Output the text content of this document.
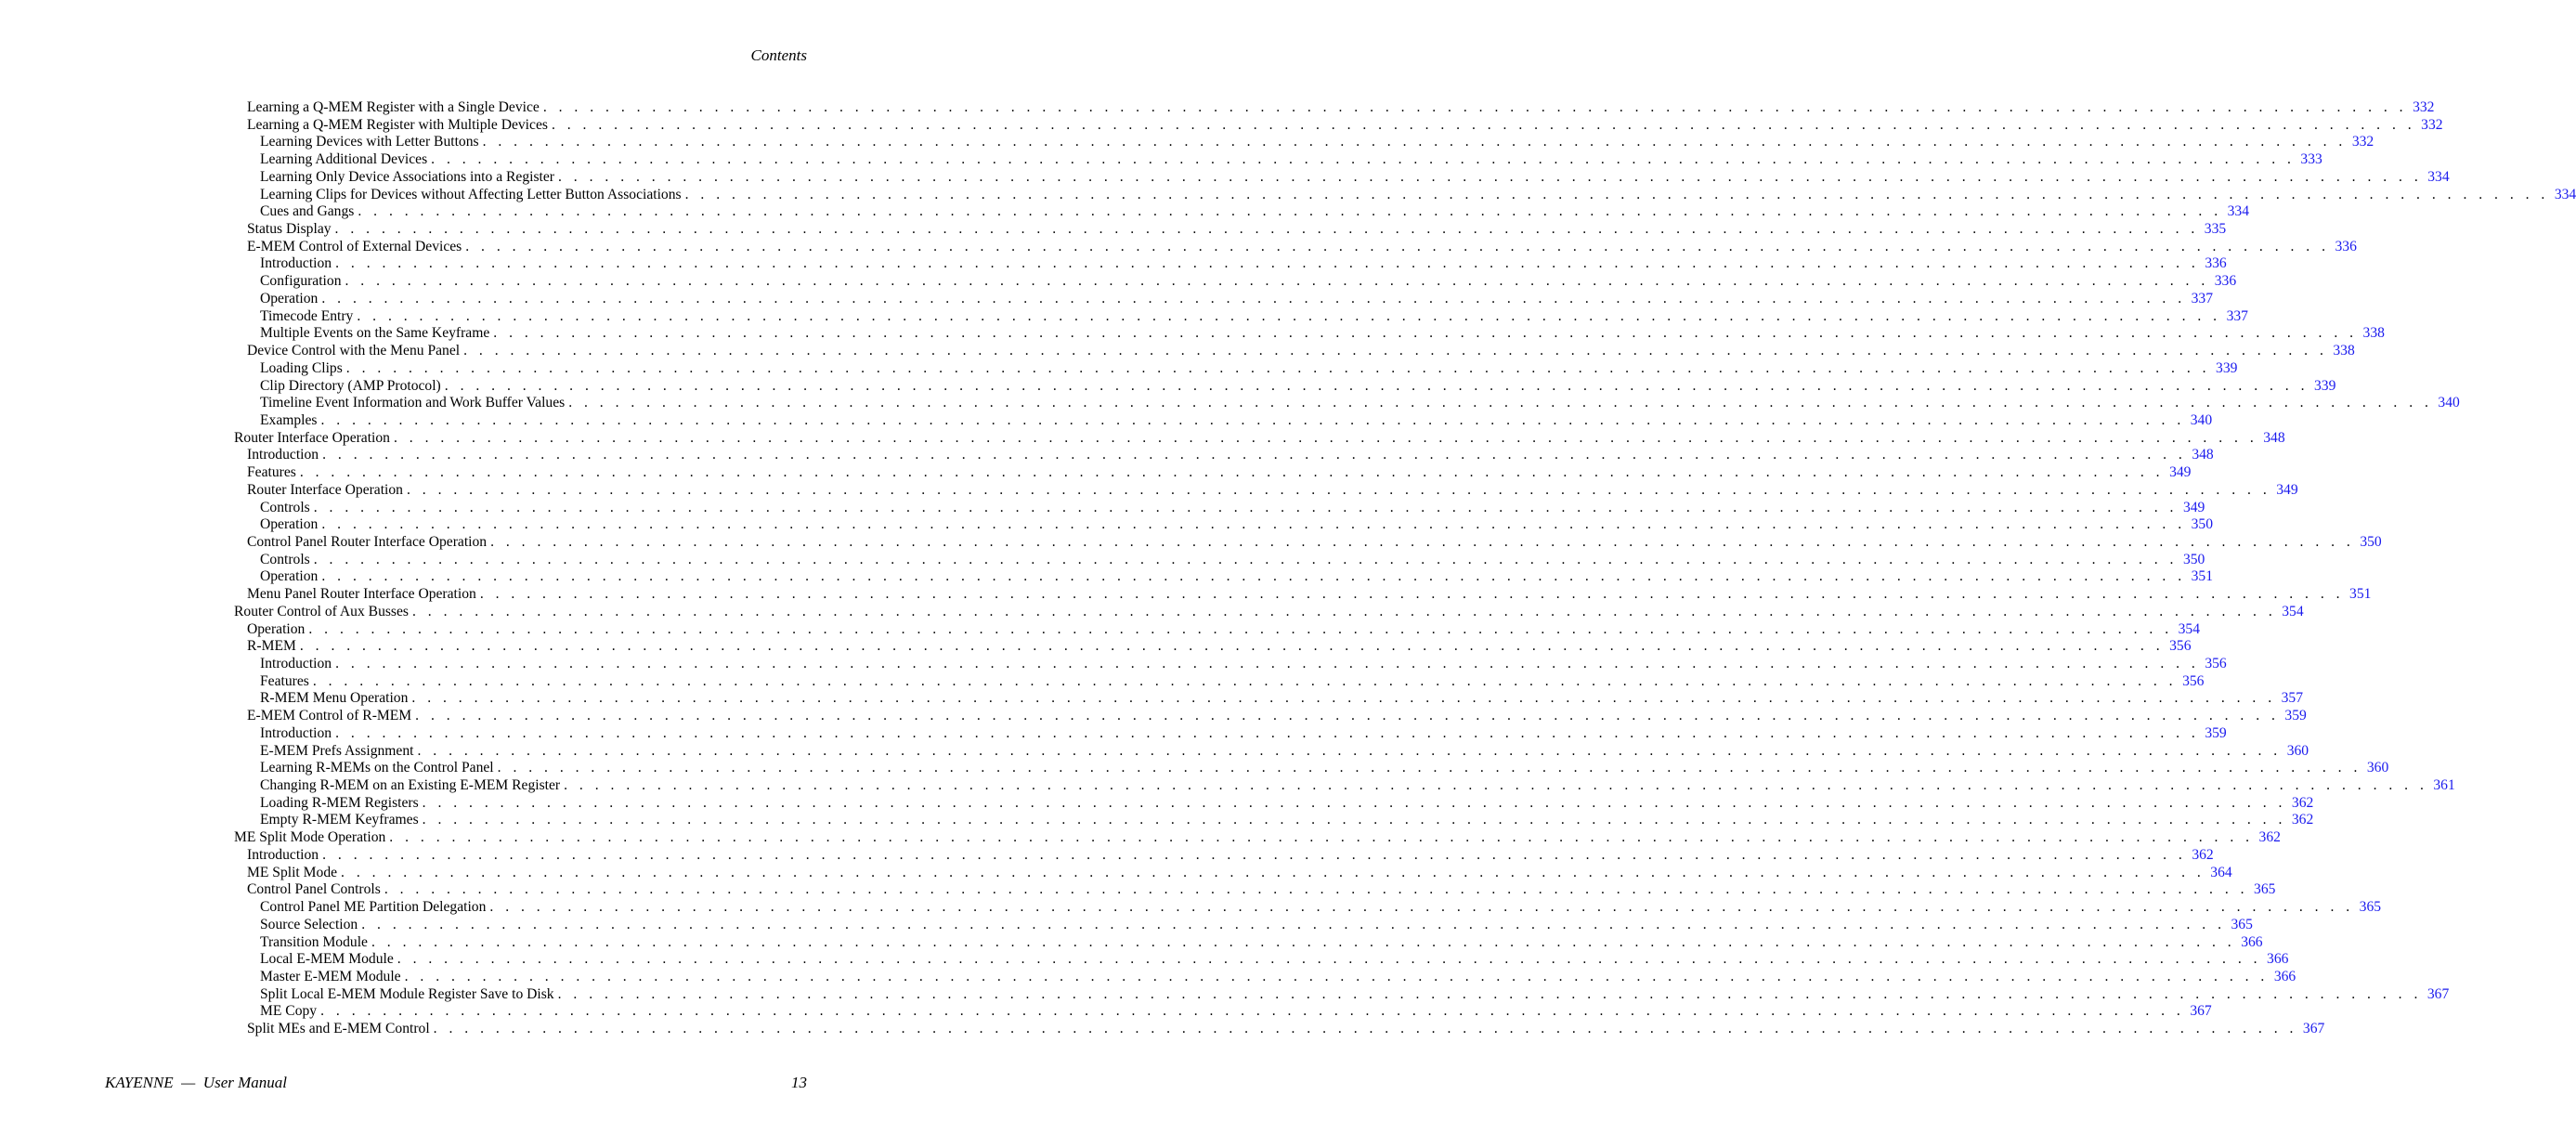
Contents
Learning a Q-MEM Register with a Single Device . . . . . . . . . . . . . . . . . . . . . . . . . . . . . . . . . . . . . . . . . . . . . . . . . . . . . . . . . . . . . . . . . . . . . . . . . . . . . . . . . . . . . . . . . . . . . . . . . . . . . . . . . . . . . . . . . . . . . . . . 332
Learning a Q-MEM Register with Multiple Devices . . . . . . . . . . . . . . . . . . . . . . . . . . . . . . . . . . . . . . . . . . . . . . . . . . . . . . . . . . . . . . . . . . . . . . . . . . . . . . . . . . . . . . . . . . . . . . . . . . . . . . . . . . . . . . . . . . . . . . . . 332
Learning Devices with Letter Buttons . . . . . . . . . . . . . . . . . . . . . . . . . . . . . . . . . . . . . . . . . . . . . . . . . . . . . . . . . . . . . . . . . . . . . . . . . . . . . . . . . . . . . . . . . . . . . . . . . . . . . . . . . . . . . . . . . . . . . . . . 332
Learning Additional Devices . . . . . . . . . . . . . . . . . . . . . . . . . . . . . . . . . . . . . . . . . . . . . . . . . . . . . . . . . . . . . . . . . . . . . . . . . . . . . . . . . . . . . . . . . . . . . . . . . . . . . . . . . . . . . . . . . . . . . . . . 333
Learning Only Device Associations into a Register . . . . . . . . . . . . . . . . . . . . . . . . . . . . . . . . . . . . . . . . . . . . . . . . . . . . . . . . . . . . . . . . . . . . . . . . . . . . . . . . . . . . . . . . . . . . . . . . . . . . . . . . . . . . . . . . . . . . . . . . 334
Learning Clips for Devices without Affecting Letter Button Associations . . . . . . . . . . . . . . . . . . . . . . . . . . . . . . . . . . . . . . . . . . . . . . . . . . . . . . . . . . . . . . . . . . . . . . . . . . . . . . . . . . . . . . . . . . . . . . . . . . . . . . . . . . . . . . . . . . . . . . . . 334
Cues and Gangs . . . . . . . . . . . . . . . . . . . . . . . . . . . . . . . . . . . . . . . . . . . . . . . . . . . . . . . . . . . . . . . . . . . . . . . . . . . . . . . . . . . . . . . . . . . . . . . . . . . . . . . . . . . . . . . . . . . . . . . . 334
Status Display . . . . . . . . . . . . . . . . . . . . . . . . . . . . . . . . . . . . . . . . . . . . . . . . . . . . . . . . . . . . . . . . . . . . . . . . . . . . . . . . . . . . . . . . . . . . . . . . . . . . . . . . . . . . . . . . . . . . . . . . 335
E-MEM Control of External Devices . . . . . . . . . . . . . . . . . . . . . . . . . . . . . . . . . . . . . . . . . . . . . . . . . . . . . . . . . . . . . . . . . . . . . . . . . . . . . . . . . . . . . . . . . . . . . . . . . . . . . . . . . . . . . . . . . . . . . . . . 336
Introduction . . . . . . . . . . . . . . . . . . . . . . . . . . . . . . . . . . . . . . . . . . . . . . . . . . . . . . . . . . . . . . . . . . . . . . . . . . . . . . . . . . . . . . . . . . . . . . . . . . . . . . . . . . . . . . . . . . . . . . . . 336
Configuration . . . . . . . . . . . . . . . . . . . . . . . . . . . . . . . . . . . . . . . . . . . . . . . . . . . . . . . . . . . . . . . . . . . . . . . . . . . . . . . . . . . . . . . . . . . . . . . . . . . . . . . . . . . . . . . . . . . . . . . . 336
Operation . . . . . . . . . . . . . . . . . . . . . . . . . . . . . . . . . . . . . . . . . . . . . . . . . . . . . . . . . . . . . . . . . . . . . . . . . . . . . . . . . . . . . . . . . . . . . . . . . . . . . . . . . . . . . . . . . . . . . . . . 337
Timecode Entry . . . . . . . . . . . . . . . . . . . . . . . . . . . . . . . . . . . . . . . . . . . . . . . . . . . . . . . . . . . . . . . . . . . . . . . . . . . . . . . . . . . . . . . . . . . . . . . . . . . . . . . . . . . . . . . . . . . . . . . . 337
Multiple Events on the Same Keyframe . . . . . . . . . . . . . . . . . . . . . . . . . . . . . . . . . . . . . . . . . . . . . . . . . . . . . . . . . . . . . . . . . . . . . . . . . . . . . . . . . . . . . . . . . . . . . . . . . . . . . . . . . . . . . . . . . . . . . . . . 338
Device Control with the Menu Panel . . . . . . . . . . . . . . . . . . . . . . . . . . . . . . . . . . . . . . . . . . . . . . . . . . . . . . . . . . . . . . . . . . . . . . . . . . . . . . . . . . . . . . . . . . . . . . . . . . . . . . . . . . . . . . . . . . . . . . . . 338
Loading Clips . . . . . . . . . . . . . . . . . . . . . . . . . . . . . . . . . . . . . . . . . . . . . . . . . . . . . . . . . . . . . . . . . . . . . . . . . . . . . . . . . . . . . . . . . . . . . . . . . . . . . . . . . . . . . . . . . . . . . . . . 339
Clip Directory (AMP Protocol) . . . . . . . . . . . . . . . . . . . . . . . . . . . . . . . . . . . . . . . . . . . . . . . . . . . . . . . . . . . . . . . . . . . . . . . . . . . . . . . . . . . . . . . . . . . . . . . . . . . . . . . . . . . . . . . . . . . . . . . . 339
Timeline Event Information and Work Buffer Values . . . . . . . . . . . . . . . . . . . . . . . . . . . . . . . . . . . . . . . . . . . . . . . . . . . . . . . . . . . . . . . . . . . . . . . . . . . . . . . . . . . . . . . . . . . . . . . . . . . . . . . . . . . . . . . . . . . . . . . . 340
Examples . . . . . . . . . . . . . . . . . . . . . . . . . . . . . . . . . . . . . . . . . . . . . . . . . . . . . . . . . . . . . . . . . . . . . . . . . . . . . . . . . . . . . . . . . . . . . . . . . . . . . . . . . . . . . . . . . . . . . . . . 340
Router Interface Operation . . . . . . . . . . . . . . . . . . . . . . . . . . . . . . . . . . . . . . . . . . . . . . . . . . . . . . . . . . . . . . . . . . . . . . . . . . . . . . . . . . . . . . . . . . . . . . . . . . . . . . . . . . . . . . . . . . . . . . . . 348
Introduction . . . . . . . . . . . . . . . . . . . . . . . . . . . . . . . . . . . . . . . . . . . . . . . . . . . . . . . . . . . . . . . . . . . . . . . . . . . . . . . . . . . . . . . . . . . . . . . . . . . . . . . . . . . . . . . . . . . . . . . . 348
Features . . . . . . . . . . . . . . . . . . . . . . . . . . . . . . . . . . . . . . . . . . . . . . . . . . . . . . . . . . . . . . . . . . . . . . . . . . . . . . . . . . . . . . . . . . . . . . . . . . . . . . . . . . . . . . . . . . . . . . . . 349
Router Interface Operation . . . . . . . . . . . . . . . . . . . . . . . . . . . . . . . . . . . . . . . . . . . . . . . . . . . . . . . . . . . . . . . . . . . . . . . . . . . . . . . . . . . . . . . . . . . . . . . . . . . . . . . . . . . . . . . . . . . . . . . . 349
Controls . . . . . . . . . . . . . . . . . . . . . . . . . . . . . . . . . . . . . . . . . . . . . . . . . . . . . . . . . . . . . . . . . . . . . . . . . . . . . . . . . . . . . . . . . . . . . . . . . . . . . . . . . . . . . . . . . . . . . . . . 349
Operation . . . . . . . . . . . . . . . . . . . . . . . . . . . . . . . . . . . . . . . . . . . . . . . . . . . . . . . . . . . . . . . . . . . . . . . . . . . . . . . . . . . . . . . . . . . . . . . . . . . . . . . . . . . . . . . . . . . . . . . . 350
Control Panel Router Interface Operation . . . . . . . . . . . . . . . . . . . . . . . . . . . . . . . . . . . . . . . . . . . . . . . . . . . . . . . . . . . . . . . . . . . . . . . . . . . . . . . . . . . . . . . . . . . . . . . . . . . . . . . . . . . . . . . . . . . . . . . . 350
Controls . . . . . . . . . . . . . . . . . . . . . . . . . . . . . . . . . . . . . . . . . . . . . . . . . . . . . . . . . . . . . . . . . . . . . . . . . . . . . . . . . . . . . . . . . . . . . . . . . . . . . . . . . . . . . . . . . . . . . . . . 350
Operation . . . . . . . . . . . . . . . . . . . . . . . . . . . . . . . . . . . . . . . . . . . . . . . . . . . . . . . . . . . . . . . . . . . . . . . . . . . . . . . . . . . . . . . . . . . . . . . . . . . . . . . . . . . . . . . . . . . . . . . . 351
Menu Panel Router Interface Operation . . . . . . . . . . . . . . . . . . . . . . . . . . . . . . . . . . . . . . . . . . . . . . . . . . . . . . . . . . . . . . . . . . . . . . . . . . . . . . . . . . . . . . . . . . . . . . . . . . . . . . . . . . . . . . . . . . . . . . . . 351
Router Control of Aux Busses . . . . . . . . . . . . . . . . . . . . . . . . . . . . . . . . . . . . . . . . . . . . . . . . . . . . . . . . . . . . . . . . . . . . . . . . . . . . . . . . . . . . . . . . . . . . . . . . . . . . . . . . . . . . . . . . . . . . . . . . 354
Operation . . . . . . . . . . . . . . . . . . . . . . . . . . . . . . . . . . . . . . . . . . . . . . . . . . . . . . . . . . . . . . . . . . . . . . . . . . . . . . . . . . . . . . . . . . . . . . . . . . . . . . . . . . . . . . . . . . . . . . . . 354
R-MEM . . . . . . . . . . . . . . . . . . . . . . . . . . . . . . . . . . . . . . . . . . . . . . . . . . . . . . . . . . . . . . . . . . . . . . . . . . . . . . . . . . . . . . . . . . . . . . . . . . . . . . . . . . . . . . . . . . . . . . . . 356
Introduction . . . . . . . . . . . . . . . . . . . . . . . . . . . . . . . . . . . . . . . . . . . . . . . . . . . . . . . . . . . . . . . . . . . . . . . . . . . . . . . . . . . . . . . . . . . . . . . . . . . . . . . . . . . . . . . . . . . . . . . . 356
Features . . . . . . . . . . . . . . . . . . . . . . . . . . . . . . . . . . . . . . . . . . . . . . . . . . . . . . . . . . . . . . . . . . . . . . . . . . . . . . . . . . . . . . . . . . . . . . . . . . . . . . . . . . . . . . . . . . . . . . . . 356
R-MEM Menu Operation . . . . . . . . . . . . . . . . . . . . . . . . . . . . . . . . . . . . . . . . . . . . . . . . . . . . . . . . . . . . . . . . . . . . . . . . . . . . . . . . . . . . . . . . . . . . . . . . . . . . . . . . . . . . . . . . . . . . . . . . 357
E-MEM Control of R-MEM . . . . . . . . . . . . . . . . . . . . . . . . . . . . . . . . . . . . . . . . . . . . . . . . . . . . . . . . . . . . . . . . . . . . . . . . . . . . . . . . . . . . . . . . . . . . . . . . . . . . . . . . . . . . . . . . . . . . . . . . 359
Introduction . . . . . . . . . . . . . . . . . . . . . . . . . . . . . . . . . . . . . . . . . . . . . . . . . . . . . . . . . . . . . . . . . . . . . . . . . . . . . . . . . . . . . . . . . . . . . . . . . . . . . . . . . . . . . . . . . . . . . . . . 359
E-MEM Prefs Assignment . . . . . . . . . . . . . . . . . . . . . . . . . . . . . . . . . . . . . . . . . . . . . . . . . . . . . . . . . . . . . . . . . . . . . . . . . . . . . . . . . . . . . . . . . . . . . . . . . . . . . . . . . . . . . . . . . . . . . . . . 360
Learning R-MEMs on the Control Panel . . . . . . . . . . . . . . . . . . . . . . . . . . . . . . . . . . . . . . . . . . . . . . . . . . . . . . . . . . . . . . . . . . . . . . . . . . . . . . . . . . . . . . . . . . . . . . . . . . . . . . . . . . . . . . . . . . . . . . . . 360
Changing R-MEM on an Existing E-MEM Register . . . . . . . . . . . . . . . . . . . . . . . . . . . . . . . . . . . . . . . . . . . . . . . . . . . . . . . . . . . . . . . . . . . . . . . . . . . . . . . . . . . . . . . . . . . . . . . . . . . . . . . . . . . . . . . . . . . . . . . . 361
Loading R-MEM Registers . . . . . . . . . . . . . . . . . . . . . . . . . . . . . . . . . . . . . . . . . . . . . . . . . . . . . . . . . . . . . . . . . . . . . . . . . . . . . . . . . . . . . . . . . . . . . . . . . . . . . . . . . . . . . . . . . . . . . . . . 362
Empty R-MEM Keyframes . . . . . . . . . . . . . . . . . . . . . . . . . . . . . . . . . . . . . . . . . . . . . . . . . . . . . . . . . . . . . . . . . . . . . . . . . . . . . . . . . . . . . . . . . . . . . . . . . . . . . . . . . . . . . . . . . . . . . . . . 362
ME Split Mode Operation . . . . . . . . . . . . . . . . . . . . . . . . . . . . . . . . . . . . . . . . . . . . . . . . . . . . . . . . . . . . . . . . . . . . . . . . . . . . . . . . . . . . . . . . . . . . . . . . . . . . . . . . . . . . . . . . . . . . . . . . 362
Introduction . . . . . . . . . . . . . . . . . . . . . . . . . . . . . . . . . . . . . . . . . . . . . . . . . . . . . . . . . . . . . . . . . . . . . . . . . . . . . . . . . . . . . . . . . . . . . . . . . . . . . . . . . . . . . . . . . . . . . . . . 362
ME Split Mode . . . . . . . . . . . . . . . . . . . . . . . . . . . . . . . . . . . . . . . . . . . . . . . . . . . . . . . . . . . . . . . . . . . . . . . . . . . . . . . . . . . . . . . . . . . . . . . . . . . . . . . . . . . . . . . . . . . . . . . . 364
Control Panel Controls . . . . . . . . . . . . . . . . . . . . . . . . . . . . . . . . . . . . . . . . . . . . . . . . . . . . . . . . . . . . . . . . . . . . . . . . . . . . . . . . . . . . . . . . . . . . . . . . . . . . . . . . . . . . . . . . . . . . . . . . 365
Control Panel ME Partition Delegation . . . . . . . . . . . . . . . . . . . . . . . . . . . . . . . . . . . . . . . . . . . . . . . . . . . . . . . . . . . . . . . . . . . . . . . . . . . . . . . . . . . . . . . . . . . . . . . . . . . . . . . . . . . . . . . . . . . . . . . . 365
Source Selection . . . . . . . . . . . . . . . . . . . . . . . . . . . . . . . . . . . . . . . . . . . . . . . . . . . . . . . . . . . . . . . . . . . . . . . . . . . . . . . . . . . . . . . . . . . . . . . . . . . . . . . . . . . . . . . . . . . . . . . . 365
Transition Module . . . . . . . . . . . . . . . . . . . . . . . . . . . . . . . . . . . . . . . . . . . . . . . . . . . . . . . . . . . . . . . . . . . . . . . . . . . . . . . . . . . . . . . . . . . . . . . . . . . . . . . . . . . . . . . . . . . . . . . . 366
Local E-MEM Module . . . . . . . . . . . . . . . . . . . . . . . . . . . . . . . . . . . . . . . . . . . . . . . . . . . . . . . . . . . . . . . . . . . . . . . . . . . . . . . . . . . . . . . . . . . . . . . . . . . . . . . . . . . . . . . . . . . . . . . . 366
Master E-MEM Module . . . . . . . . . . . . . . . . . . . . . . . . . . . . . . . . . . . . . . . . . . . . . . . . . . . . . . . . . . . . . . . . . . . . . . . . . . . . . . . . . . . . . . . . . . . . . . . . . . . . . . . . . . . . . . . . . . . . . . . . 366
Split Local E-MEM Module Register Save to Disk . . . . . . . . . . . . . . . . . . . . . . . . . . . . . . . . . . . . . . . . . . . . . . . . . . . . . . . . . . . . . . . . . . . . . . . . . . . . . . . . . . . . . . . . . . . . . . . . . . . . . . . . . . . . . . . . . . . . . . . . 367
ME Copy . . . . . . . . . . . . . . . . . . . . . . . . . . . . . . . . . . . . . . . . . . . . . . . . . . . . . . . . . . . . . . . . . . . . . . . . . . . . . . . . . . . . . . . . . . . . . . . . . . . . . . . . . . . . . . . . . . . . . . . . 367
Split MEs and E-MEM Control . . . . . . . . . . . . . . . . . . . . . . . . . . . . . . . . . . . . . . . . . . . . . . . . . . . . . . . . . . . . . . . . . . . . . . . . . . . . . . . . . . . . . . . . . . . . . . . . . . . . . . . . . . . . . . . . . . . . . . . . 367
KAYENNE  —  User Manual	13
